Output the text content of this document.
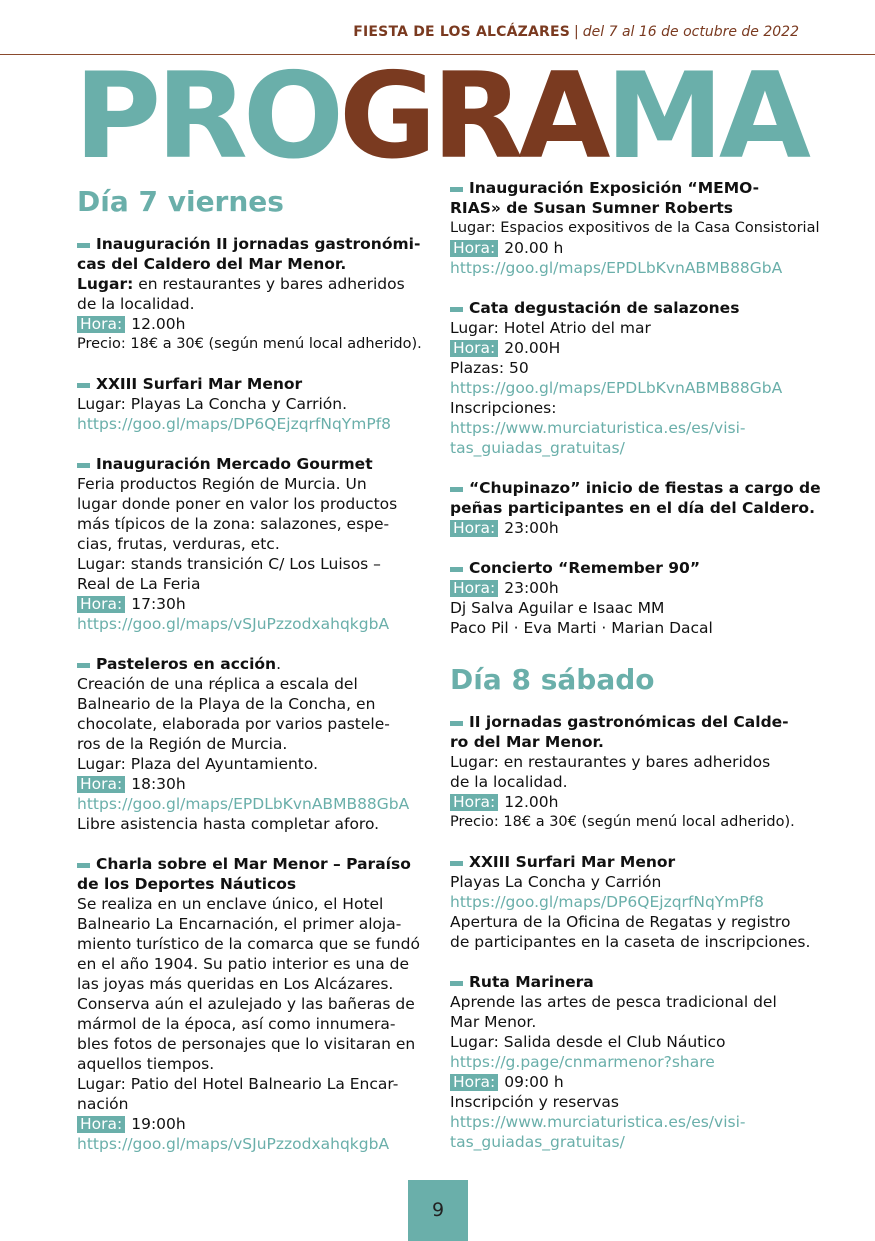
FIESTA DE LOS ALCÁZARES | del 7 al 16 de octubre de 2022
PROGRAMA
Día 7 viernes
Inauguración II jornadas gastronómi-
cas del Caldero del Mar Menor.
Lugar: en restaurantes y bares adheridos
de la localidad.
Hora: 12.00h
Precio: 18€ a 30€ (según menú local adherido).
XXIII Surfari Mar Menor
Lugar: Playas La Concha y Carrión.
https://goo.gl/maps/DP6QEjzqrfNqYmPf8
Inauguración Mercado Gourmet
Feria productos Región de Murcia. Un
lugar donde poner en valor los productos
más típicos de la zona: salazones, espe-
cias, frutas, verduras, etc.
Lugar: stands transición C/ Los Luisos –
Real de La Feria
Hora: 17:30h
https://goo.gl/maps/vSJuPzzodxahqkgbA
Pasteleros en acción.
Creación de una réplica a escala del
Balneario de la Playa de la Concha, en
chocolate, elaborada por varios pastele-
ros de la Región de Murcia.
Lugar: Plaza del Ayuntamiento.
Hora: 18:30h
https://goo.gl/maps/EPDLbKvnABMB88GbA
Libre asistencia hasta completar aforo.
Charla sobre el Mar Menor – Paraíso
de los Deportes Náuticos
Se realiza en un enclave único, el Hotel
Balneario La Encarnación, el primer alojа-
miento turístico de la comarca que se fundó
en el año 1904. Su patio interior es una de
las joyas más queridas en Los Alcázares.
Conserva aún el azulejado y las bañeras de
mármol de la época, así como innumera-
bles fotos de personajes que lo visitaran en
aquellos tiempos.
Lugar: Patio del Hotel Balneario La Encar-
nación
Hora: 19:00h
https://goo.gl/maps/vSJuPzzodxahqkgbA
Inauguración Exposición “MEMO-
RIAS» de Susan Sumner Roberts
Lugar: Espacios expositivos de la Casa Consistorial
Hora: 20.00 h
https://goo.gl/maps/EPDLbKvnABMB88GbA
Cata degustación de salazones
Lugar: Hotel Atrio del mar
Hora: 20.00H
Plazas: 50
https://goo.gl/maps/EPDLbKvnABMB88GbA
Inscripciones:
https://www.murciaturistica.es/es/visi-
tas_guiadas_gratuitas/
“Chupinazo” inicio de fiestas a cargo de
peñas participantes en el día del Caldero.
Hora: 23:00h
Concierto “Remember 90”
Hora: 23:00h
Dj Salva Aguilar e Isaac MM
Paco Pil · Eva Marti · Marian Dacal
Día 8 sábado
II jornadas gastronómicas del Calde-
ro del Mar Menor.
Lugar: en restaurantes y bares adheridos
de la localidad.
Hora: 12.00h
Precio: 18€ a 30€ (según menú local adherido).
XXIII Surfari Mar Menor
Playas La Concha y Carrión
https://goo.gl/maps/DP6QEjzqrfNqYmPf8
Apertura de la Oficina de Regatas y registro
de participantes en la caseta de inscripciones.
Ruta Marinera
Aprende las artes de pesca tradicional del
Mar Menor.
Lugar: Salida desde el Club Náutico
https://g.page/cnmarmenor?share
Hora: 09:00 h
Inscripción y reservas
https://www.murciaturistica.es/es/visi-
tas_guiadas_gratuitas/
9
